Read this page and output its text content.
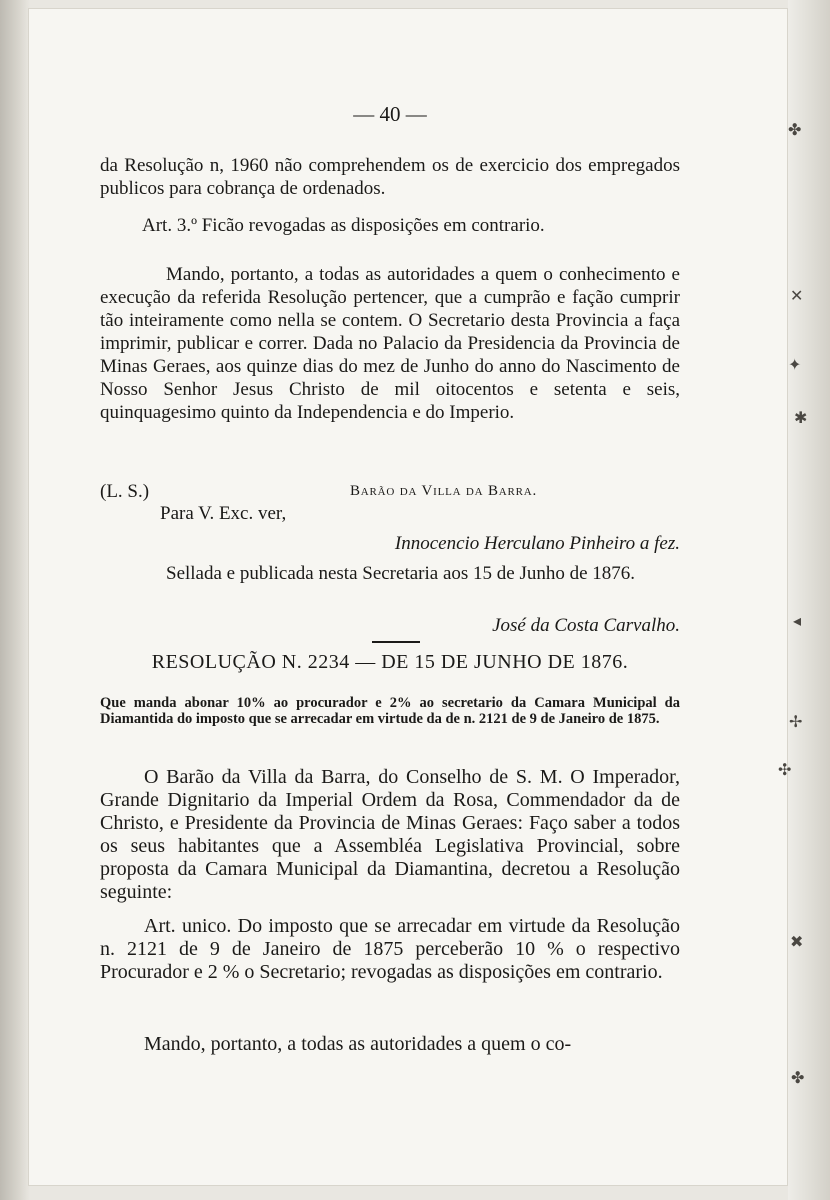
— 40 —
da Resolução n, 1960 não comprehendem os de exercicio dos empregados publicos para cobrança de ordenados.
Art. 3.º Ficão revogadas as disposições em contrario.
Mando, portanto, a todas as autoridades a quem o conhecimento e execução da referida Resolução pertencer, que a cumprão e fação cumprir tão inteiramente como nella se contem. O Secretario desta Provincia a faça imprimir, publicar e correr. Dada no Palacio da Presidencia da Provincia de Minas Geraes, aos quinze dias do mez de Junho do anno do Nascimento de Nosso Senhor Jesus Christo de mil oitocentos e setenta e seis, quinquagesimo quinto da Independencia e do Imperio.
(L. S.)	Barão da Villa da Barra.
Para V. Exc. ver,
Innocencio Herculano Pinheiro a fez.
Sellada e publicada nesta Secretaria aos 15 de Junho de 1876.
José da Costa Carvalho.
RESOLUÇÃO N. 2234 — DE 15 DE JUNHO DE 1876.
Que manda abonar 10% ao procurador e 2% ao secretario da Camara Municipal da Diamantida do imposto que se arrecadar em virtude da de n. 2121 de 9 de Janeiro de 1875.
O Barão da Villa da Barra, do Conselho de S. M. O Imperador, Grande Dignitario da Imperial Ordem da Rosa, Commendador da de Christo, e Presidente da Provincia de Minas Geraes: Faço saber a todos os seus habitantes que a Assembléa Legislativa Provincial, sobre proposta da Camara Municipal da Diamantina, decretou a Resolução seguinte:
Art. unico. Do imposto que se arrecadar em virtude da Resolução n. 2121 de 9 de Janeiro de 1875 perceberão 10 % o respectivo Procurador e 2 % o Secretario; revogadas as disposições em contrario.
Mando, portanto, a todas as autoridades a quem o co-
✤
✕
✦
✱
◂
✢
✣
✖
✤
